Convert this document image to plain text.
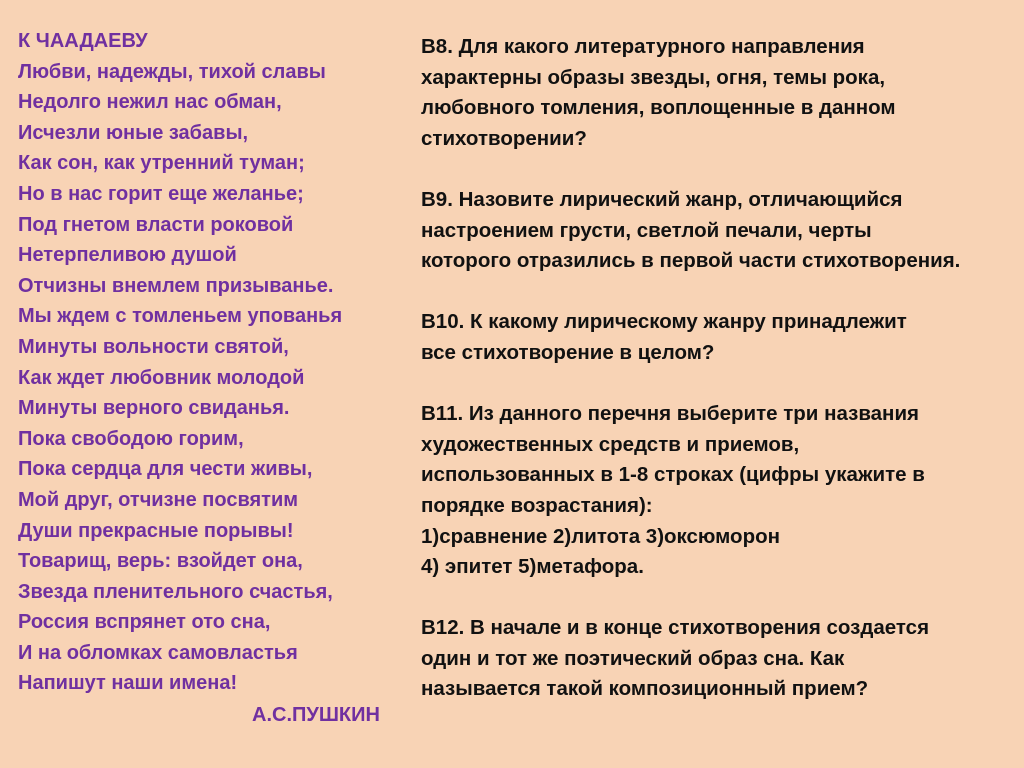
К ЧААДАЕВУ
Любви, надежды, тихой славы
Недолго нежил нас обман,
Исчезли юные забавы,
Как сон, как утренний туман;
Но в нас горит еще желанье;
Под гнетом власти роковой
Нетерпеливою душой
Отчизны внемлем призыванье.
Мы ждем с томленьем упованья
Минуты вольности святой,
Как ждет любовник молодой
Минуты верного свиданья.
Пока свободою горим,
Пока сердца для чести живы,
Мой друг, отчизне посвятим
Души прекрасные порывы!
Товарищ, верь: взойдет она,
Звезда пленительного счастья,
Россия вспрянет ото сна,
И на обломках самовластья
Напишут наши имена!
А.С.ПУШКИН
В8. Для какого литературного направления
характерны образы звезды, огня, темы рока,
любовного томления, воплощенные в данном
стихотворении?
В9. Назовите лирический жанр, отличающийся
настроением грусти, светлой печали, черты
которого отразились в первой части стихотворения.
В10. К какому лирическому жанру принадлежит
все стихотворение в целом?
В11. Из данного перечня выберите три названия
художественных средств и приемов,
использованных в 1-8 строках (цифры укажите в
порядке возрастания):
1)сравнение 2)литота 3)оксюморон
4) эпитет 5)метафора.
В12. В начале и в конце стихотворения создается
один и тот же поэтический образ сна. Как
называется такой композиционный прием?
